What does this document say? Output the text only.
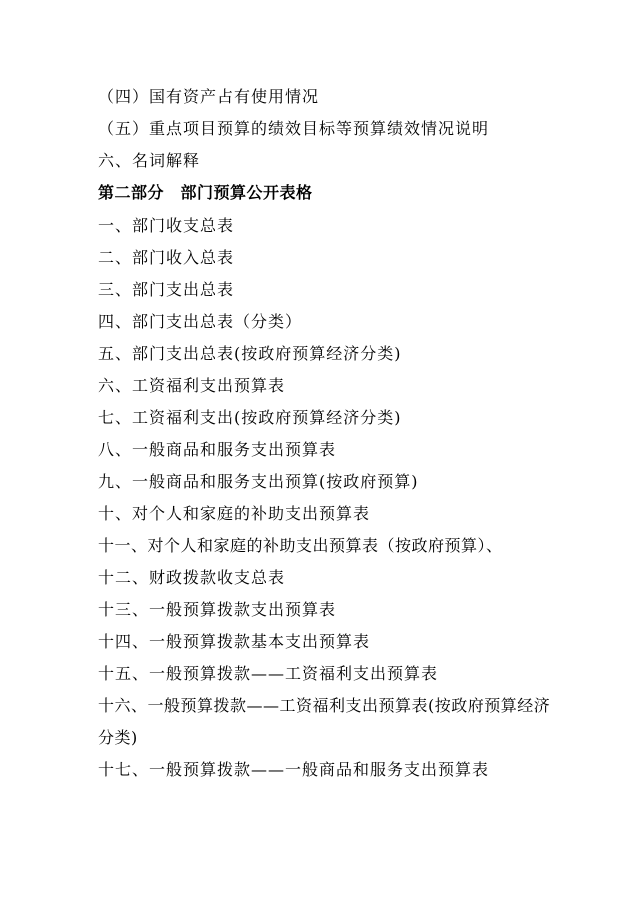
（四）国有资产占有使用情况
（五）重点项目预算的绩效目标等预算绩效情况说明
六、名词解释
第二部分　部门预算公开表格
一、部门收支总表
二、部门收入总表
三、部门支出总表
四、部门支出总表（分类）
五、部门支出总表(按政府预算经济分类)
六、工资福利支出预算表
七、工资福利支出(按政府预算经济分类)
八、一般商品和服务支出预算表
九、一般商品和服务支出预算(按政府预算)
十、对个人和家庭的补助支出预算表
十一、对个人和家庭的补助支出预算表（按政府预算）、
十二、财政拨款收支总表
十三、一般预算拨款支出预算表
十四、一般预算拨款基本支出预算表
十五、一般预算拨款——工资福利支出预算表
十六、一般预算拨款——工资福利支出预算表(按政府预算经济分类)
十七、一般预算拨款——一般商品和服务支出预算表
